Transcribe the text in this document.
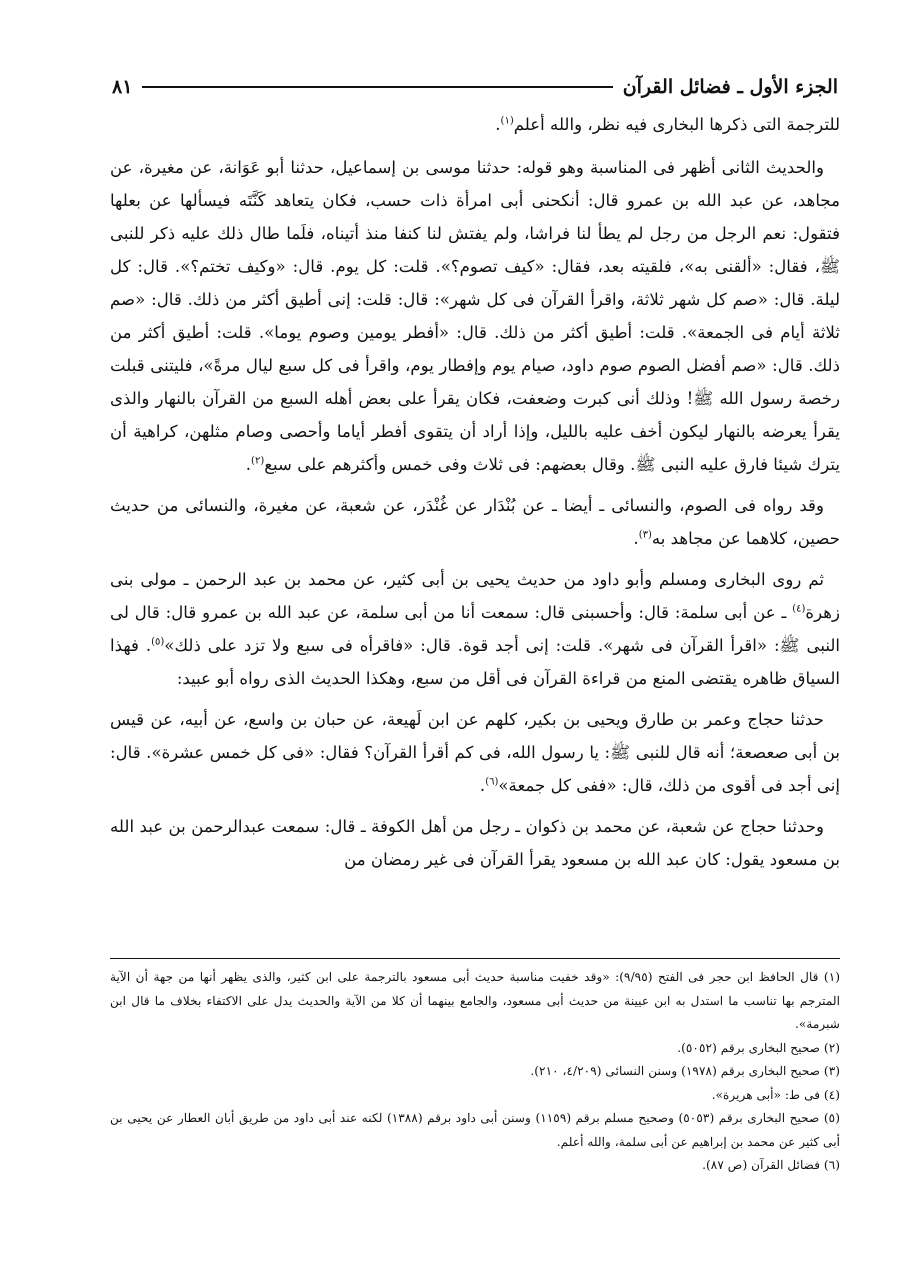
الجزء الأول ـ فضائل القرآن
٨١

للترجمة التى ذكرها البخارى فيه نظر، والله أعلم$^{(١)}$.

والحديث الثانى أظهر فى المناسبة وهو قوله: حدثنا موسى بن إسماعيل، حدثنا أبو عَوَانة، عن مغيرة، عن مجاهد، عن عبد الله بن عمرو قال: أنكحنى أبى امرأة ذات حسب، فكان يتعاهد كَنَّتَه فيسألها عن بعلها فتقول: نعم الرجل من رجل لم يطأ لنا فراشا، ولم يفتش لنا كنفا منذ أتيناه، فلَما طال ذلك عليه ذكر للنبى ﷺ، فقال: «ألقنى به»، فلقيته بعد، فقال: «كيف تصوم؟». قلت: كل يوم. قال: «وكيف تختم؟». قال: كل ليلة. قال: «صم كل شهر ثلاثة، واقرأ القرآن فى كل شهر»: قال: قلت: إنى أطيق أكثر من ذلك. قال: «صم ثلاثة أيام فى الجمعة». قلت: أطيق أكثر من ذلك. قال: «أفطر يومين وصوم يوما». قلت: أطيق أكثر من ذلك. قال: «صم أفضل الصوم صوم داود، صيام يوم وإفطار يوم، واقرأ فى كل سبع ليال مرةً»، فليتنى قبلت رخصة رسول الله ﷺ! وذلك أنى كبرت وضعفت، فكان يقرأ على بعض أهله السبع من القرآن بالنهار والذى يقرأ يعرضه بالنهار ليكون أخف عليه بالليل، وإذا أراد أن يتقوى أفطر أياما وأحصى وصام مثلهن، كراهية أن يترك شيئا فارق عليه النبى ﷺ. وقال بعضهم: فى ثلاث وفى خمس وأكثرهم على سبع$^{(٢)}$.

وقد رواه فى الصوم، والنسائى ـ أيضا ـ عن بُنْدَار عن غُنْدَر، عن شعبة، عن مغيرة، والنسائى من حديث حصين، كلاهما عن مجاهد به$^{(٣)}$.

ثم روى البخارى ومسلم وأبو داود من حديث يحيى بن أبى كثير، عن محمد بن عبد الرحمن ـ مولى بنى زهرة$^{(٤)}$ ـ عن أبى سلمة: قال: وأحسبنى قال: سمعت أنا من أبى سلمة، عن عبد الله بن عمرو قال: قال لى النبى ﷺ: «اقرأ القرآن فى شهر». قلت: إنى أجد قوة. قال: «فاقرأه فى سبع ولا تزد على ذلك»$^{(٥)}$. فهذا السياق ظاهره يقتضى المنع من قراءة القرآن فى أقل من سبع، وهكذا الحديث الذى رواه أبو عبيد:

حدثنا حجاج وعمر بن طارق ويحيى بن بكير، كلهم عن ابن لَهيعة، عن حبان بن واسع، عن أبيه، عن قيس بن أبى صعصعة؛ أنه قال للنبى ﷺ: يا رسول الله، فى كم أقرأ القرآن؟ فقال: «فى كل خمس عشرة». قال: إنى أجد فى أقوى من ذلك، قال: «ففى كل جمعة»$^{(٦)}$.

وحدثنا حجاج عن شعبة، عن محمد بن ذكوان ـ رجل من أهل الكوفة ـ قال: سمعت عبدالرحمن بن عبد الله بن مسعود يقول: كان عبد الله بن مسعود يقرأ القرآن فى غير رمضان من

(١) قال الحافظ ابن حجر فى الفتح (٩/٩٥): «وقد خفيت مناسبة حديث أبى مسعود بالترجمة على ابن كثير، والذى يظهر أنها من جهة أن الآية المترجم بها تناسب ما استدل به ابن عيينة من حديث أبى مسعود، والجامع بينهما أن كلا من الآية والحديث يدل على الاكتفاء بخلاف ما قال ابن شبرمة».

(٢) صحيح البخارى برقم (٥٠٥٢).

(٣) صحيح البخارى برقم (١٩٧٨) وسنن النسائى (٤/٢٠٩، ٢١٠).

(٤) فى ط: «أبى هريرة».

(٥) صحيح البخارى برقم (٥٠٥٣) وصحيح مسلم برقم (١١٥٩) وسنن أبى داود برقم (١٣٨٨) لكنه عند أبى داود من طريق أبان العطار عن يحيى بن أبى كثير عن محمد بن إبراهيم عن أبى سلمة، والله أعلم.

(٦) فضائل القرآن (ص ٨٧).
